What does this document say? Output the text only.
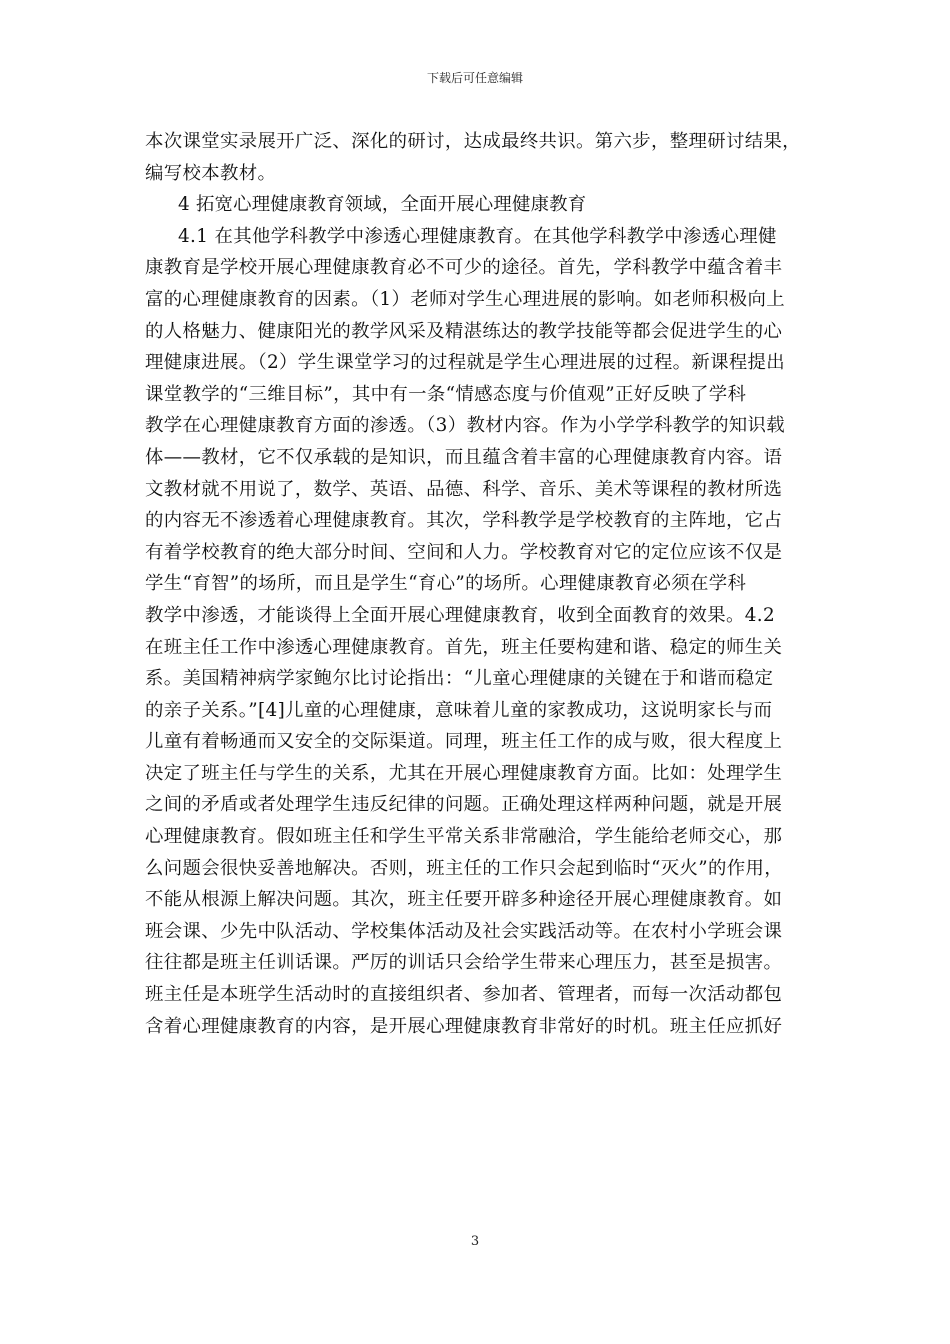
下载后可任意编辑
本次课堂实录展开广泛、深化的研讨，达成最终共识。第六步，整理研讨结果，
编写校本教材。
4 拓宽心理健康教育领域，全面开展心理健康教育
4.1 在其他学科教学中渗透心理健康教育。在其他学科教学中渗透心理健
康教育是学校开展心理健康教育必不可少的途径。首先，学科教学中蕴含着丰
富的心理健康教育的因素。（1）老师对学生心理进展的影响。如老师积极向上
的人格魅力、健康阳光的教学风采及精湛练达的教学技能等都会促进学生的心
理健康进展。（2）学生课堂学习的过程就是学生心理进展的过程。新课程提出
课堂教学的“三维目标”，其中有一条“情感态度与价值观”正好反映了学科
教学在心理健康教育方面的渗透。（3）教材内容。作为小学学科教学的知识载
体——教材，它不仅承载的是知识，而且蕴含着丰富的心理健康教育内容。语
文教材就不用说了，数学、英语、品德、科学、音乐、美术等课程的教材所选
的内容无不渗透着心理健康教育。其次，学科教学是学校教育的主阵地，它占
有着学校教育的绝大部分时间、空间和人力。学校教育对它的定位应该不仅是
学生“育智”的场所，而且是学生“育心”的场所。心理健康教育必须在学科
教学中渗透，才能谈得上全面开展心理健康教育，收到全面教育的效果。4.2
在班主任工作中渗透心理健康教育。首先，班主任要构建和谐、稳定的师生关
系。美国精神病学家鲍尔比讨论指出：“儿童心理健康的关键在于和谐而稳定
的亲子关系。”[4]儿童的心理健康，意味着儿童的家教成功，这说明家长与而
儿童有着畅通而又安全的交际渠道。同理，班主任工作的成与败，很大程度上
决定了班主任与学生的关系，尤其在开展心理健康教育方面。比如：处理学生
之间的矛盾或者处理学生违反纪律的问题。正确处理这样两种问题，就是开展
心理健康教育。假如班主任和学生平常关系非常融洽，学生能给老师交心，那
么问题会很快妥善地解决。否则，班主任的工作只会起到临时“灭火”的作用，
不能从根源上解决问题。其次，班主任要开辟多种途径开展心理健康教育。如
班会课、少先中队活动、学校集体活动及社会实践活动等。在农村小学班会课
往往都是班主任训话课。严厉的训话只会给学生带来心理压力，甚至是损害。
班主任是本班学生活动时的直接组织者、参加者、管理者，而每一次活动都包
含着心理健康教育的内容，是开展心理健康教育非常好的时机。班主任应抓好
3
